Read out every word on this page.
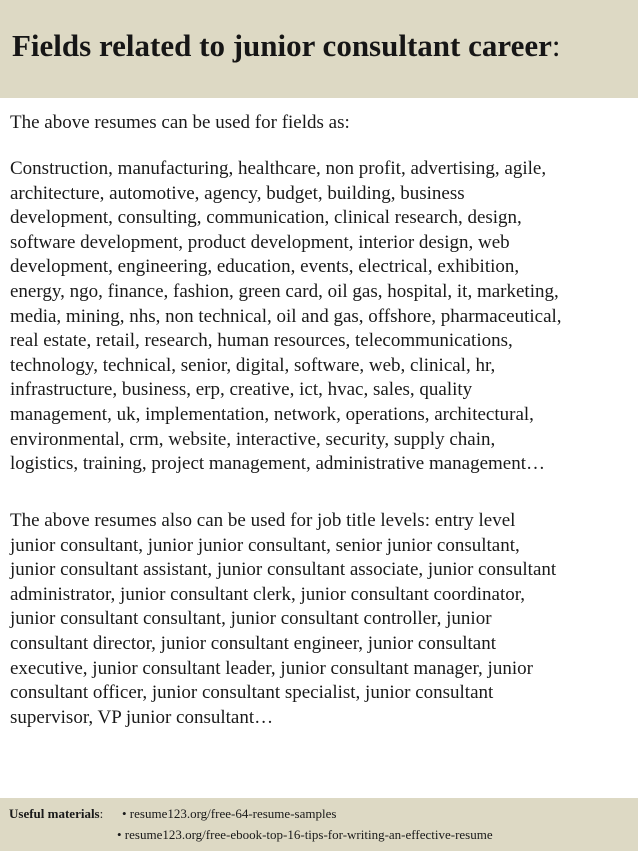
Fields related to junior consultant career:

The above resumes can be used for fields as:

Construction, manufacturing, healthcare, non profit, advertising, agile,
architecture, automotive, agency, budget, building, business
development, consulting, communication, clinical research, design,
software development, product development, interior design, web
development, engineering, education, events, electrical, exhibition,
energy, ngo, finance, fashion, green card, oil gas, hospital, it, marketing,
media, mining, nhs, non technical, oil and gas, offshore, pharmaceutical,
real estate, retail, research, human resources, telecommunications,
technology, technical, senior, digital, software, web, clinical, hr,
infrastructure, business, erp, creative, ict, hvac, sales, quality
management, uk, implementation, network, operations, architectural,
environmental, crm, website, interactive, security, supply chain,
logistics, training, project management, administrative management…
The above resumes also can be used for job title levels: entry level
junior consultant, junior junior consultant, senior junior consultant,
junior consultant assistant, junior consultant associate, junior consultant
administrator, junior consultant clerk, junior consultant coordinator,
junior consultant consultant, junior consultant controller, junior
consultant director, junior consultant engineer, junior consultant
executive, junior consultant leader, junior consultant manager, junior
consultant officer, junior consultant specialist, junior consultant
supervisor, VP junior consultant…
Useful materials: • resume123.org/free-64-resume-samples
• resume123.org/free-ebook-top-16-tips-for-writing-an-effective-resume
